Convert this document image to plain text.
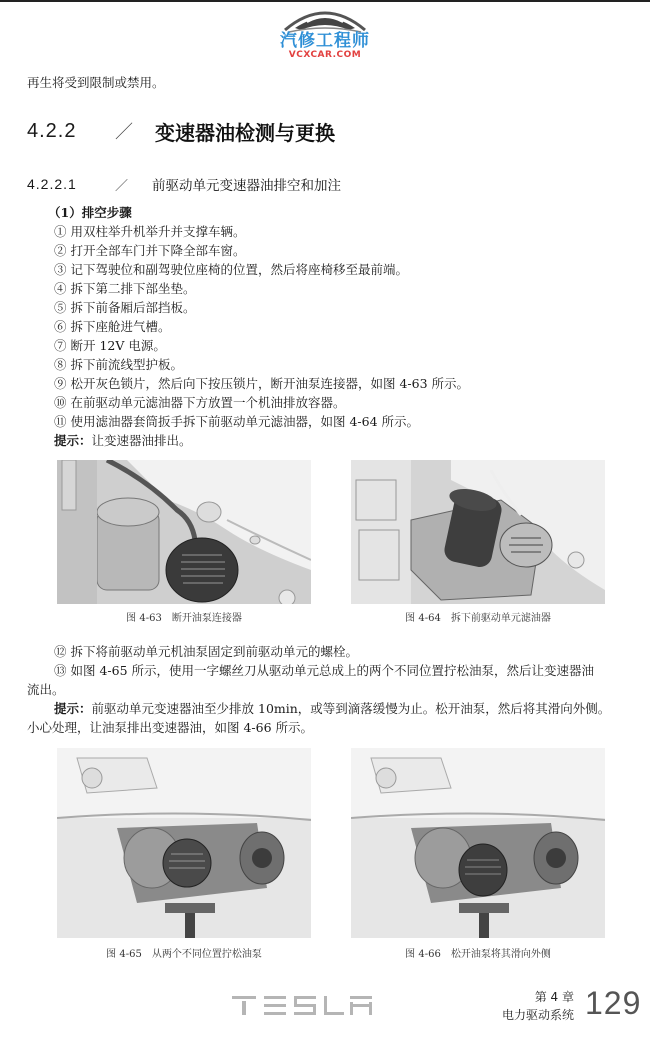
汽修工程师
VCXCAR.COM
再生将受到限制或禁用。
4.2.2	／	变速器油检测与更换
4.2.2.1	／	前驱动单元变速器油排空和加注
（1）排空步骤
① 用双柱举升机举升并支撑车辆。
② 打开全部车门并下降全部车窗。
③ 记下驾驶位和副驾驶位座椅的位置，然后将座椅移至最前端。
④ 拆下第二排下部坐垫。
⑤ 拆下前备厢后部挡板。
⑥ 拆下座舱进气槽。
⑦ 断开 12V 电源。
⑧ 拆下前流线型护板。
⑨ 松开灰色锁片，然后向下按压锁片，断开油泵连接器，如图 4-63 所示。
⑩ 在前驱动单元滤油器下方放置一个机油排放容器。
⑪ 使用滤油器套筒扳手拆下前驱动单元滤油器，如图 4-64 所示。
提示：让变速器油排出。
图 4-63　断开油泵连接器	图 4-64　拆下前驱动单元滤油器
⑫ 拆下将前驱动单元机油泵固定到前驱动单元的螺栓。
⑬ 如图 4-65 所示，使用一字螺丝刀从驱动单元总成上的两个不同位置拧松油泵，然后让变速器油
流出。
提示：前驱动单元变速器油至少排放 10min，或等到滴落缓慢为止。松开油泵，然后将其滑向外侧。
小心处理，让油泵排出变速器油，如图 4-66 所示。
图 4-65　从两个不同位置拧松油泵	图 4-66　松开油泵将其滑向外侧
第 4 章
电力驱动系统 129
